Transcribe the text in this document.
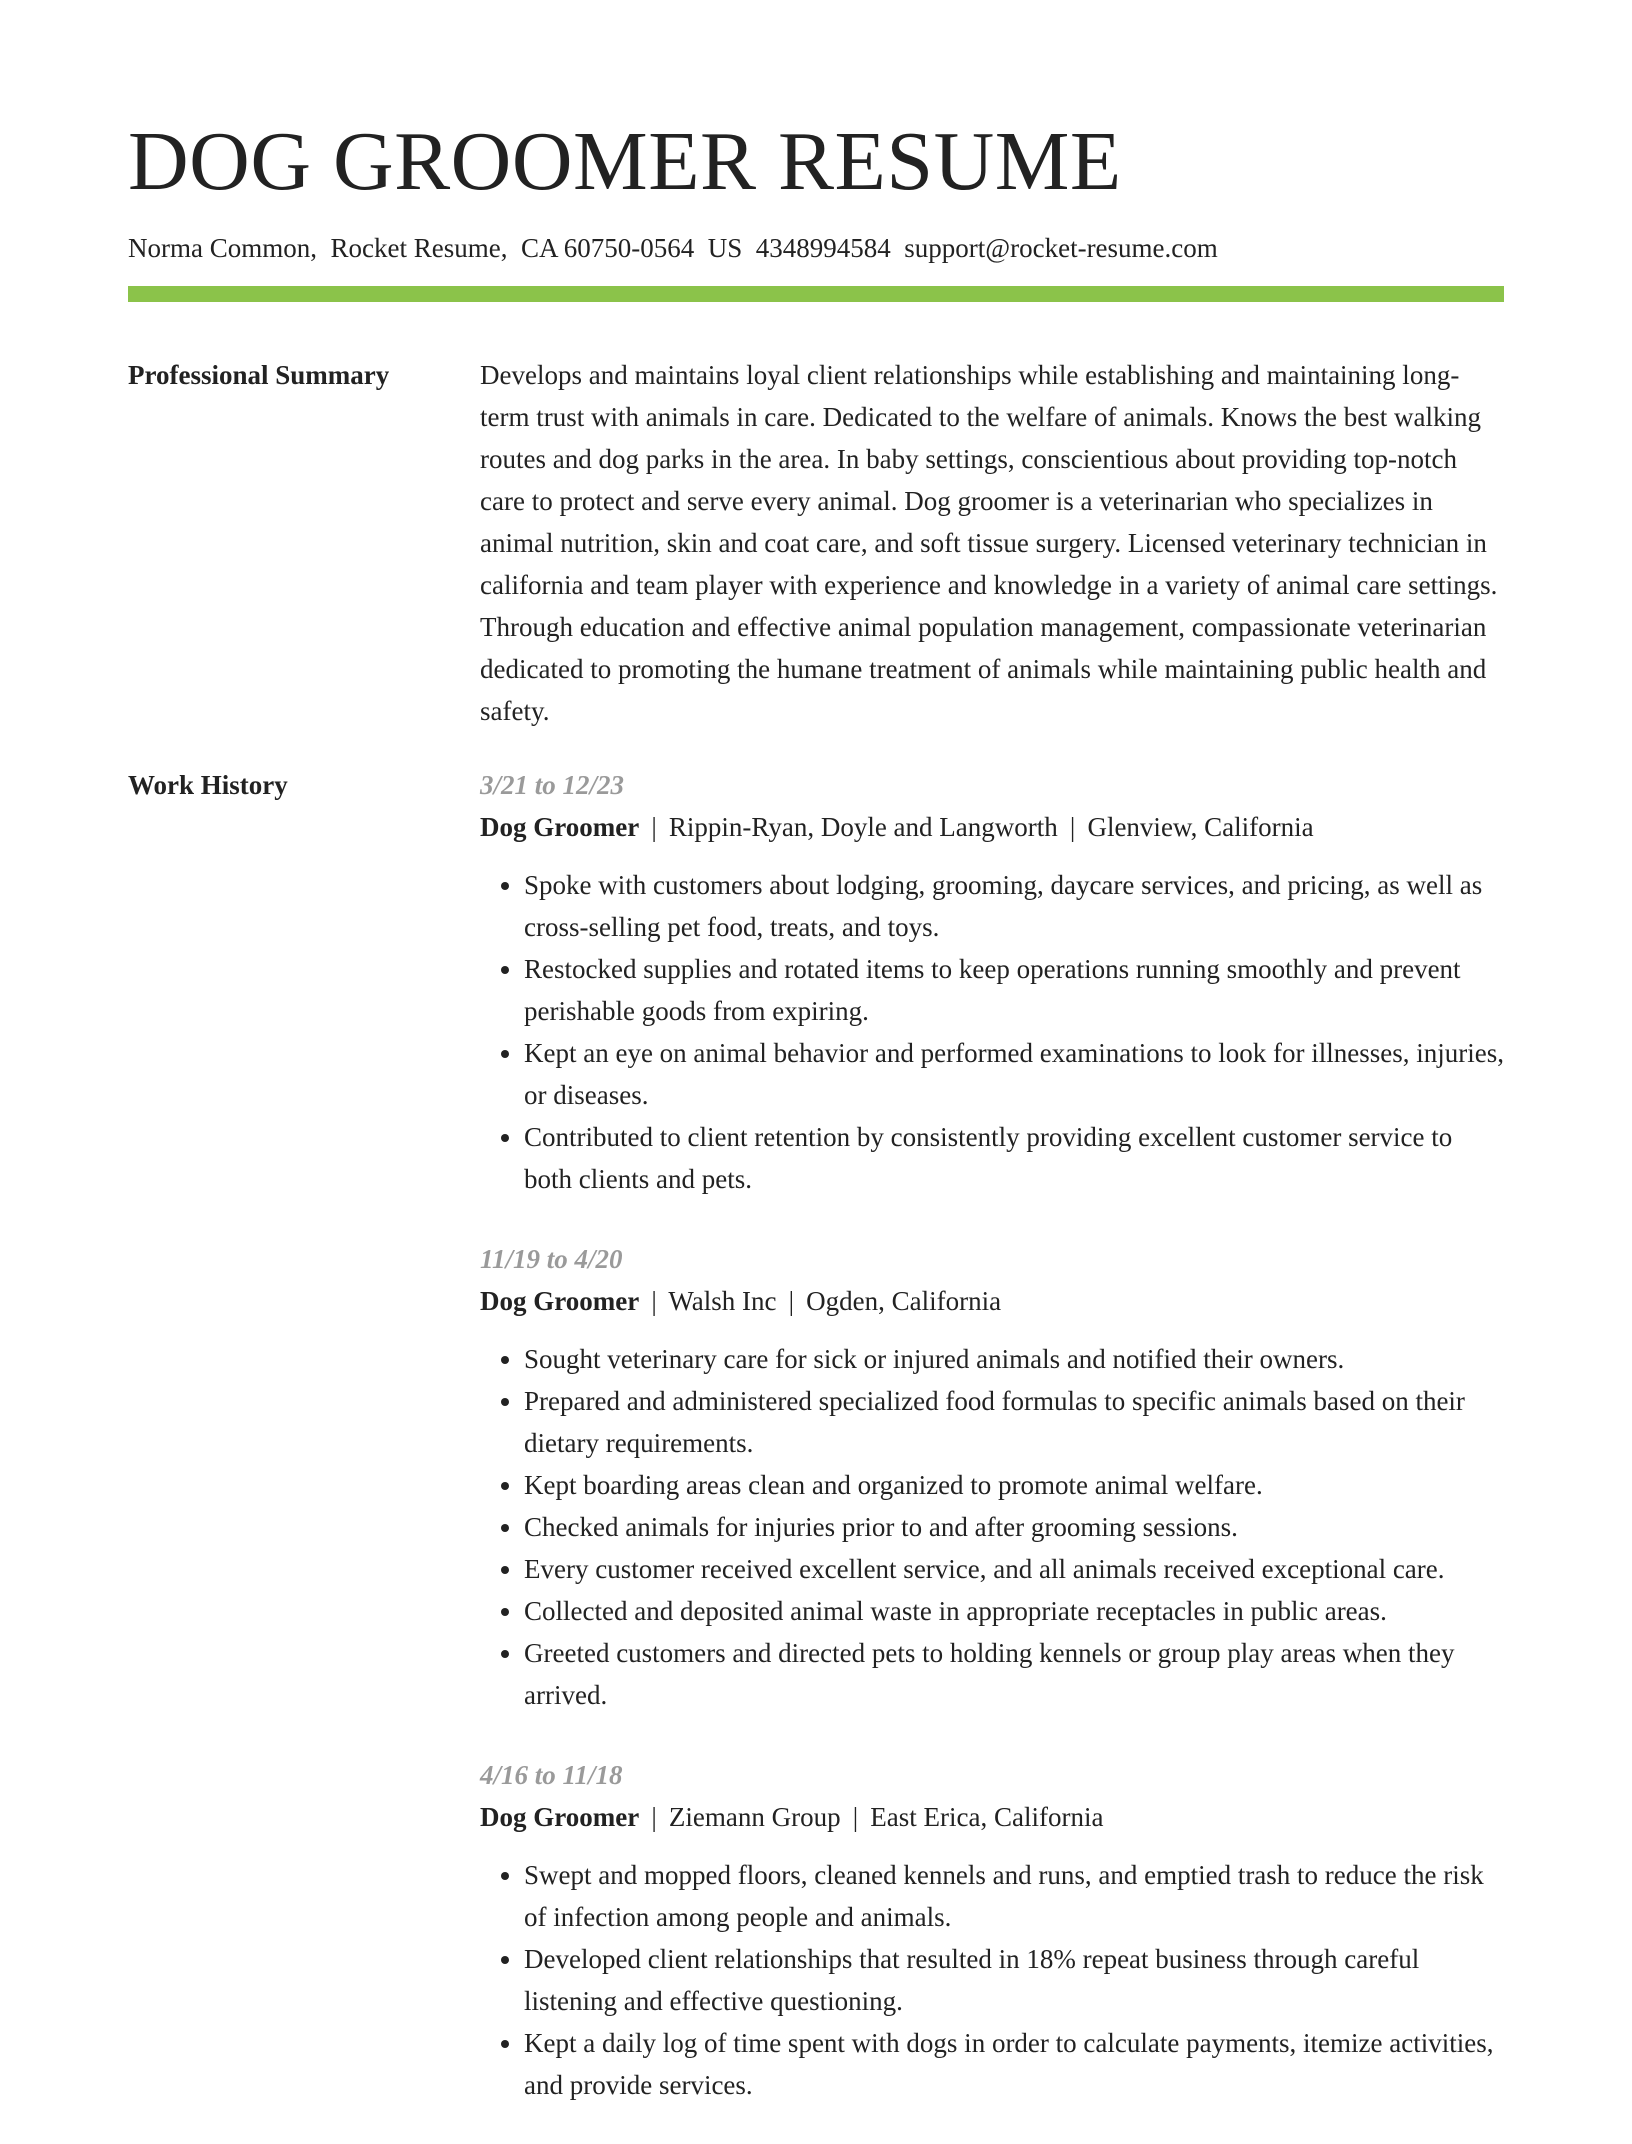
DOG GROOMER RESUME
Norma Common, Rocket Resume, CA 60750-0564 US 4348994584 support@rocket-resume.com
Professional Summary	Develops and maintains loyal client relationships while establishing and maintaining long-term trust with animals in care. Dedicated to the welfare of animals. Knows the best walking routes and dog parks in the area. In baby settings, conscientious about providing top-notch care to protect and serve every animal. Dog groomer is a veterinarian who specializes in animal nutrition, skin and coat care, and soft tissue surgery. Licensed veterinary technician in california and team player with experience and knowledge in a variety of animal care settings. Through education and effective animal population management, compassionate veterinarian dedicated to promoting the humane treatment of animals while maintaining public health and safety.

Work History	3/21 to 12/23
Dog Groomer | Rippin-Ryan, Doyle and Langworth | Glenview, California
• Spoke with customers about lodging, grooming, daycare services, and pricing, as well as cross-selling pet food, treats, and toys.
• Restocked supplies and rotated items to keep operations running smoothly and prevent perishable goods from expiring.
• Kept an eye on animal behavior and performed examinations to look for illnesses, injuries, or diseases.
• Contributed to client retention by consistently providing excellent customer service to both clients and pets.
11/19 to 4/20
Dog Groomer | Walsh Inc | Ogden, California
• Sought veterinary care for sick or injured animals and notified their owners.
• Prepared and administered specialized food formulas to specific animals based on their dietary requirements.
• Kept boarding areas clean and organized to promote animal welfare.
• Checked animals for injuries prior to and after grooming sessions.
• Every customer received excellent service, and all animals received exceptional care.
• Collected and deposited animal waste in appropriate receptacles in public areas.
• Greeted customers and directed pets to holding kennels or group play areas when they arrived.
4/16 to 11/18
Dog Groomer | Ziemann Group | East Erica, California
• Swept and mopped floors, cleaned kennels and runs, and emptied trash to reduce the risk of infection among people and animals.
• Developed client relationships that resulted in 18% repeat business through careful listening and effective questioning.
• Kept a daily log of time spent with dogs in order to calculate payments, itemize activities, and provide services.
